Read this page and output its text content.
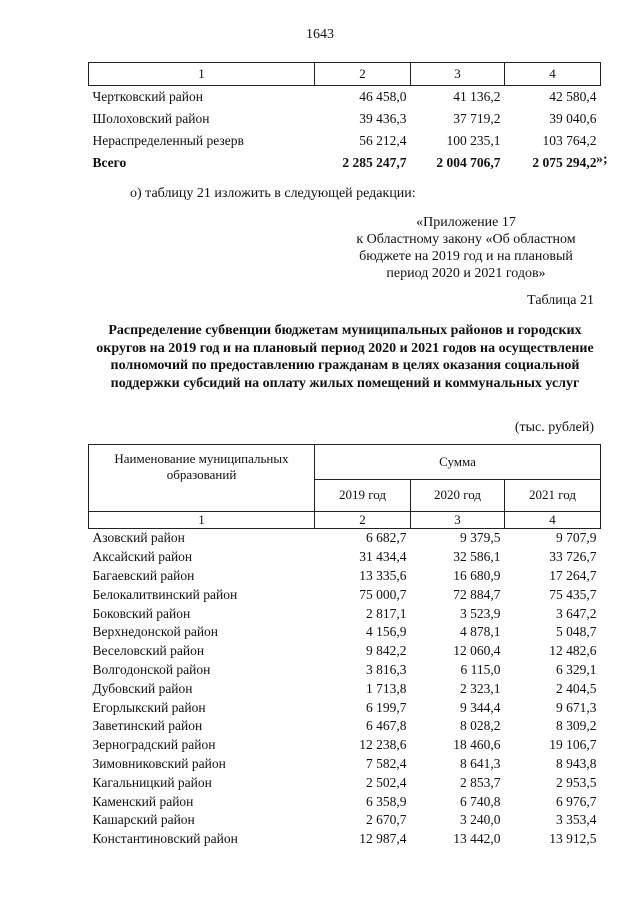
1643
1	2	3	4
Чертковский район	46 458,0	41 136,2	42 580,4
Шолоховский район	39 436,3	37 719,2	39 040,6
Нераспределенный резерв	56 212,4	100 235,1	103 764,2
Всего	2 285 247,7	2 004 706,7	2 075 294,2 »;
о) таблицу 21 изложить в следующей редакции:
«Приложение 17
к Областному закону «Об областном бюджете на 2019 год и на плановый период 2020 и 2021 годов»
Таблица 21
Распределение субвенции бюджетам муниципальных районов и городских округов на 2019 год и на плановый период 2020 и 2021 годов на осуществление полномочий по предоставлению гражданам в целях оказания социальной поддержки субсидий на оплату жилых помещений и коммунальных услуг
(тыс. рублей)
Наименование муниципальных образований	Сумма		
	2019 год	2020 год	2021 год
1	2	3	4
Азовский район	6 682,7	9 379,5	9 707,9
Аксайский район	31 434,4	32 586,1	33 726,7
Багаевский район	13 335,6	16 680,9	17 264,7
Белокалитвинский район	75 000,7	72 884,7	75 435,7
Боковский район	2 817,1	3 523,9	3 647,2
Верхнедонской район	4 156,9	4 878,1	5 048,7
Веселовский район	9 842,2	12 060,4	12 482,6
Волгодонской район	3 816,3	6 115,0	6 329,1
Дубовский район	1 713,8	2 323,1	2 404,5
Егорлыкский район	6 199,7	9 344,4	9 671,3
Заветинский район	6 467,8	8 028,2	8 309,2
Зерноградский район	12 238,6	18 460,6	19 106,7
Зимовниковский район	7 582,4	8 641,3	8 943,8
Кагальницкий район	2 502,4	2 853,7	2 953,5
Каменский район	6 358,9	6 740,8	6 976,7
Кашарский район	2 670,7	3 240,0	3 353,4
Константиновский район	12 987,4	13 442,0	13 912,5
